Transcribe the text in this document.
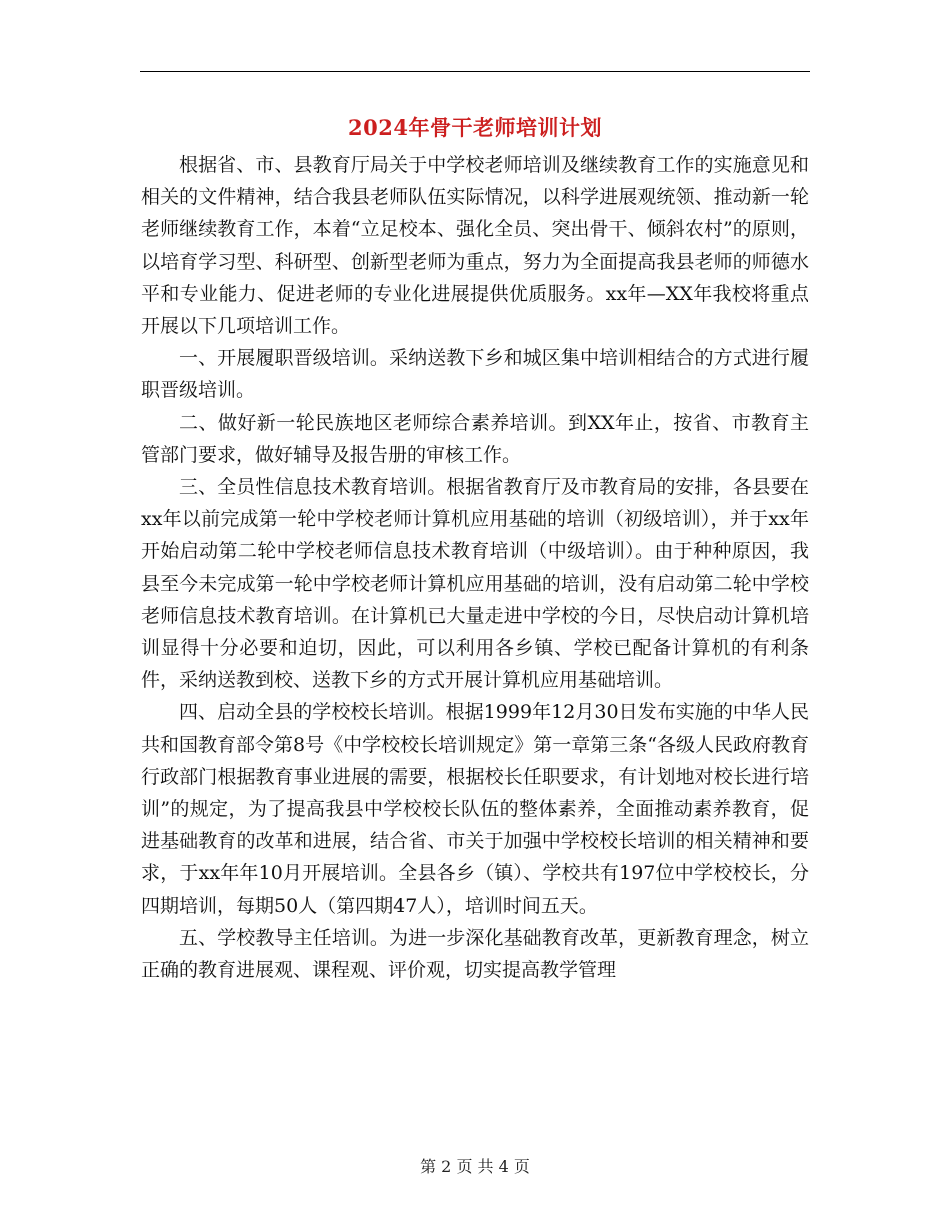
2024年骨干老师培训计划

根据省、市、县教育厅局关于中学校老师培训及继续教育工作的实施意见和相关的文件精神，结合我县老师队伍实际情况，以科学进展观统领、推动新一轮老师继续教育工作，本着“立足校本、强化全员、突出骨干、倾斜农村”的原则，以培育学习型、科研型、创新型老师为重点，努力为全面提高我县老师的师德水平和专业能力、促进老师的专业化进展提供优质服务。xx年—XX年我校将重点开展以下几项培训工作。

一、开展履职晋级培训。采纳送教下乡和城区集中培训相结合的方式进行履职晋级培训。

二、做好新一轮民族地区老师综合素养培训。到XX年止，按省、市教育主管部门要求，做好辅导及报告册的审核工作。

三、全员性信息技术教育培训。根据省教育厅及市教育局的安排，各县要在xx年以前完成第一轮中学校老师计算机应用基础的培训（初级培训），并于xx年开始启动第二轮中学校老师信息技术教育培训（中级培训）。由于种种原因，我县至今未完成第一轮中学校老师计算机应用基础的培训，没有启动第二轮中学校老师信息技术教育培训。在计算机已大量走进中学校的今日，尽快启动计算机培训显得十分必要和迫切，因此，可以利用各乡镇、学校已配备计算机的有利条件，采纳送教到校、送教下乡的方式开展计算机应用基础培训。

四、启动全县的学校校长培训。根据1999年12月30日发布实施的中华人民共和国教育部令第8号《中学校校长培训规定》第一章第三条“各级人民政府教育行政部门根据教育事业进展的需要，根据校长任职要求，有计划地对校长进行培训”的规定，为了提高我县中学校校长队伍的整体素养，全面推动素养教育，促进基础教育的改革和进展，结合省、市关于加强中学校校长培训的相关精神和要求，于xx年年10月开展培训。全县各乡（镇）、学校共有197位中学校校长，分四期培训，每期50人（第四期47人），培训时间五天。

五、学校教导主任培训。为进一步深化基础教育改革，更新教育理念，树立正确的教育进展观、课程观、评价观，切实提高教学管理

第 2 页 共 4 页
